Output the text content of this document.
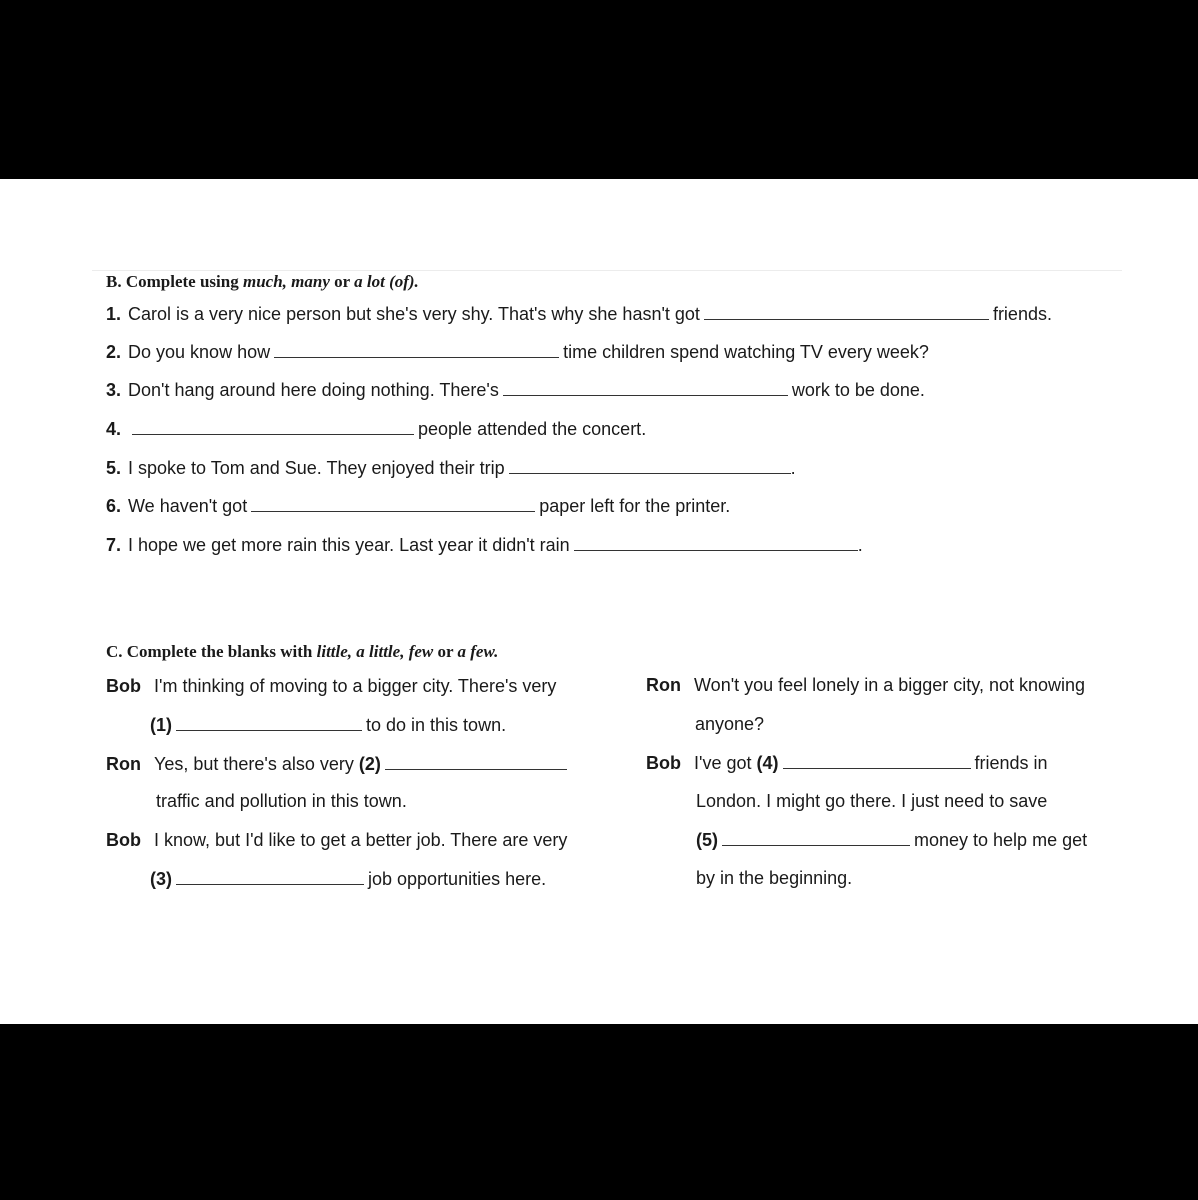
B. Complete using much, many or a lot (of).
1. Carol is a very nice person but she's very shy. That's why she hasn't got	friends.
2. Do you know how	time children spend watching TV every week?
3. Don't hang around here doing nothing. There's	work to be done.
4.	people attended the concert.
5. I spoke to Tom and Sue. They enjoyed their trip	.
6. We haven't got	paper left for the printer.
7. I hope we get more rain this year. Last year it didn't rain	.
C. Complete the blanks with little, a little, few or a few.
Bob I'm thinking of moving to a bigger city. There's very
(1)	to do in this town.
Ron Yes, but there's also very (2)
traffic and pollution in this town.
Bob I know, but I'd like to get a better job. There are very
(3)	job opportunities here.
Ron Won't you feel lonely in a bigger city, not knowing
anyone?
Bob I've got (4)	friends in
London. I might go there. I just need to save
(5)	money to help me get
by in the beginning.
